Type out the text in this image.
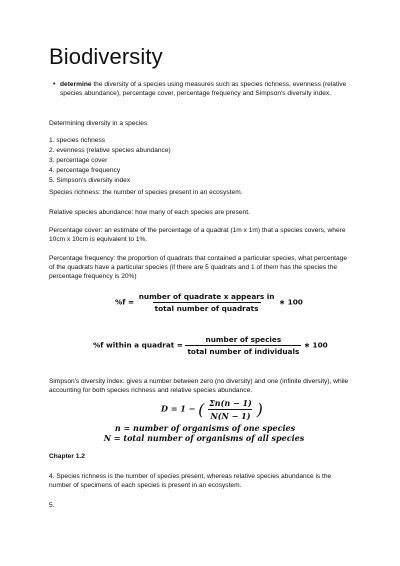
Biodiversity
• determine the diversity of a species using measures such as species richness, evenness (relative species abundance), percentage cover, percentage frequency and Simpson's diversity index.
Determining diversity in a species
1. species richness
2. evenness (relative species abundance)
3. percentage cover
4. percentage frequency
5. Simpson's diversity index
Species richness: the number of species present in an ecosystem.
Relative species abundance: how many of each species are present.
Percentage cover: an estimate of the percentage of a quadrat (1m x 1m) that a species covers, where 10cm x 10cm is equivalent to 1%.
Percentage frequency: the proportion of quadrats that contained a particular species, what percentage of the quadrats have a particular species (if there are 5 quadrats and 1 of them has the species the percentage frequency is 20%)
$\%f = \frac{\text{number of quadrate x appears in}}{\text{total number of quadrats}}$ ∗ 100
%f within a quadrat = $\frac{\text{number of species}}{\text{total number of individuals}}$ ∗ 100
Simpson's diversity index: gives a number between zero (no diversity) and one (infinite diversity), while accounting for both species richness and relative species abundance.
D = 1 − ( $\frac{\Sigma n(n - 1)}{N(N - 1)}$ )
n = number of organisms of one species
N = total number of organisms of all species
Chapter 1.2
4. Species richness is the number of species present, whereas relative species abundance is the number of specimens of each species is present in an ecosystem.
5.
